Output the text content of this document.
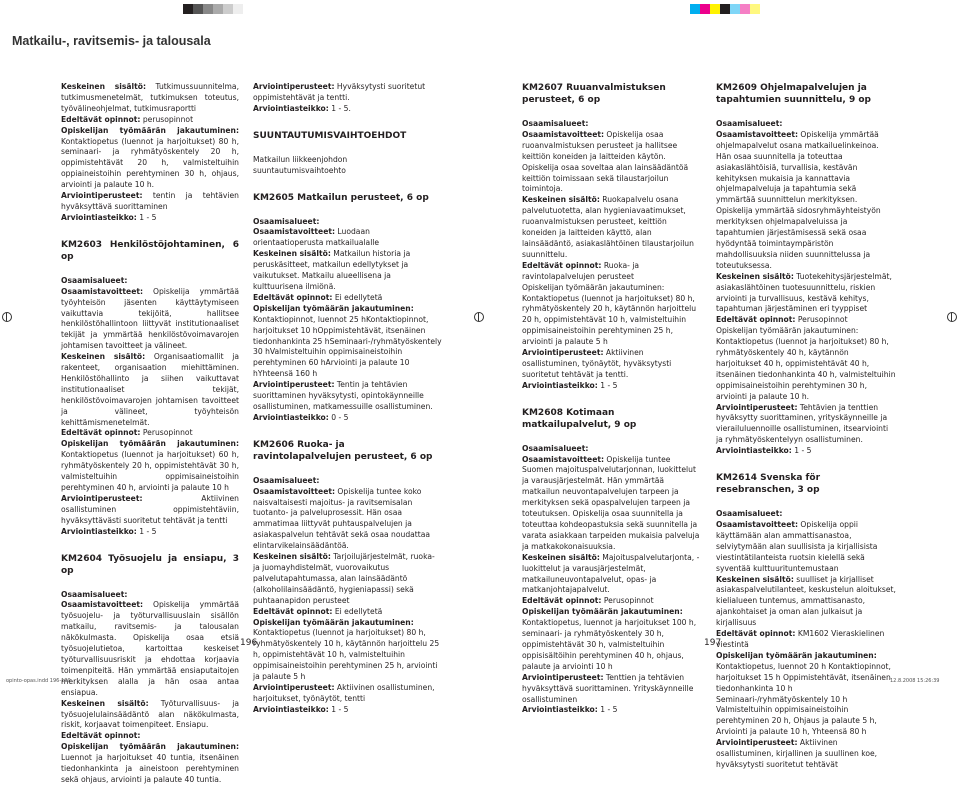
Matkailu-, ravitsemis- ja talousala

Keskeinen sisältö: Tutkimussuunnitelma, tutkimusmenetelmät, tutkimuksen toteutus, työvälineohjelmat, tutkimusraportti

Edeltävät opinnot: perusopinnot

Opiskelijan työmäärän jakautuminen: Kontaktiopetus (luennot ja harjoitukset) 80 h, seminaari- ja ryhmätyöskentely 20 h, oppimistehtävät 20 h, valmisteltuihin oppiaineistoihin perehtyminen 30 h, ohjaus, arviointi ja palaute 10 h.

Arviointiperusteet: tentin ja tehtävien hyväksyttävä suorittaminen

Arviointiasteikko: 1 - 5

KM2603 Henkilöstöjohtaminen, 6 op

Osaamisalueet:

Osaamistavoitteet: Opiskelija ymmärtää työyhteisön jäsenten käyttäytymiseen vaikuttavia tekijöitä, hallitsee henkilöstöhallintoon liittyvät institutionaaliset tekijät ja ymmärtää henkilöstövoimavarojen johtamisen tavoitteet ja välineet.

Keskeinen sisältö: Organisaatiomallit ja rakenteet, organisaation miehittäminen. Henkilöstöhallinto ja siihen vaikuttavat institutionaaliset tekijät, henkilöstövoimavarojen johtamisen tavoitteet ja välineet, työyhteisön kehittämismenetelmät.

Edeltävät opinnot: Perusopinnot

Opiskelijan työmäärän jakautuminen: Kontaktiopetus (luennot ja harjoitukset) 60 h, ryhmätyöskentely 20 h, oppimistehtävät 30 h, valmisteltuihin oppimisaineistoihin perehtyminen 40 h, arviointi ja palaute 10 h

Arviointiperusteet: Aktiivinen osallistuminen oppimistehtäviin, hyväksyttävästi suoritetut tehtävät ja tentti

Arviointiasteikko: 1 - 5

KM2604 Työsuojelu ja ensiapu, 3 op

Osaamisalueet:

Osaamistavoitteet: Opiskelija ymmärtää työsuojelu- ja työturvallisuuslain sisällön matkailu, ravitsemis- ja talousalan näkökulmasta. Opiskelija osaa etsiä työsuojelutietoa, kartoittaa keskeiset työturvallisuusriskit ja ehdottaa korjaavia toimenpiteitä. Hän ymmärtää ensiaputaitojen merkityksen alalla ja hän osaa antaa ensiapua.

Keskeinen sisältö: Työturvallisuus- ja työsuojelulainsäädäntö alan näkökulmasta, riskit, korjaavat toimenpiteet. Ensiapu.

Edeltävät opinnot:

Opiskelijan työmäärän jakautuminen: Luennot ja harjoitukset 40 tuntia, itsenäinen tiedonhankinta ja aineistoon perehtyminen sekä ohjaus, arviointi ja palaute 40 tuntia.

Arviointiperusteet: Hyväksytysti suoritetut oppimistehtävät ja tentti.

Arviointiasteikko: 1 - 5.

SUUNTAUTUMISVAIHTOEHDOT

Matkailun liikkeenjohdon suuntautumisvaihtoehto

KM2605 Matkailun perusteet, 6 op

Osaamisalueet:

Osaamistavoitteet: Luodaan orientaatioperusta matkailualalle

Keskeinen sisältö: Matkailun historia ja peruskäsitteet, matkailun edellytykset ja vaikutukset. Matkailu alueellisena ja kulttuurisena ilmiönä.

Edeltävät opinnot: Ei edellytetä

Opiskelijan työmäärän jakautuminen: Kontaktiopinnot, luennot 25 hKontaktiopinnot, harjoitukset 10 hOppimistehtävät, itsenäinen tiedonhankinta 25 hSeminaari-/ryhmätyöskentely 30 hValmisteltuihin oppimisaineistoihin perehtyminen 60 hArviointi ja palaute 10 hYhteensä 160 h

Arviointiperusteet: Tentin ja tehtävien suorittaminen hyväksytysti, opintokäynneille osallistuminen, matkamessuille osallistuminen.

Arviointiasteikko: 0 - 5

KM2606 Ruoka- ja ravintolapalvelujen perusteet, 6 op

Osaamisalueet:

Osaamistavoitteet: Opiskelija tuntee koko naisvaltaisesti majoitus- ja ravitsemisalan tuotanto- ja palveluprosessit. Hän osaa ammatimaa liittyvät puhtauspalvelujen ja asiakaspalvelun tehtävät sekä osaa noudattaa elintarvikelainsäädäntöä.

Keskeinen sisältö: Tarjoilujärjestelmät, ruoka- ja juomayhdistelmät, vuorovaikutus palvelutapahtumassa, alan lainsäädäntö (alkoholilainsäädäntö, hygieniapassi) sekä puhtaanapidon perusteet

Edeltävät opinnot: Ei edellytetä

Opiskelijan työmäärän jakautuminen: Kontaktiopetus (luennot ja harjoitukset) 80 h, ryhmätyöskentely 10 h, käytännön harjoittelu 25 h, oppimistehtävät 10 h, valmisteltuihin oppimisaineistoihin perehtyminen 25 h, arviointi ja palaute 5 h

Arviointiperusteet: Aktiivinen osallistuminen, harjoitukset, työnäytöt, tentti

Arviointiasteikko: 1 - 5

KM2607 Ruuanvalmistuksen perusteet, 6 op

Osaamisalueet:

Osaamistavoitteet: Opiskelija osaa ruoanvalmistuksen perusteet ja hallitsee keittiön koneiden ja laitteiden käytön. Opiskelija osaa soveltaa alan lainsäädäntöä keittiön toimissaan sekä tilaustarjoilun toimintoja.

Keskeinen sisältö: Ruokapalvelu osana palvelutuotetta, alan hygieniavaatimukset, ruoanvalmistuksen perusteet, keittiön koneiden ja laitteiden käyttö, alan lainsäädäntö, asiakaslähtöinen tilaustarjoilun suunnittelu.

Edeltävät opinnot: Ruoka- ja ravintolapalvelujen perusteet

Opiskelijan työmäärän jakautuminen: Kontaktiopetus (luennot ja harjoitukset) 80 h, ryhmätyöskentely 20 h, käytännön harjoittelu 20 h, oppimistehtävät 10 h, valmisteltuihin oppimisaineistoihin perehtyminen 25 h, arviointi ja palaute 5 h

Arviointiperusteet: Aktiivinen osallistuminen, työnäytöt, hyväksytysti suoritetut tehtävät ja tentti.

Arviointiasteikko: 1 - 5

KM2608 Kotimaan matkailupalvelut, 9 op

Osaamisalueet:

Osaamistavoitteet: Opiskelija tuntee Suomen majoituspalvelutarjonnan, luokittelut ja varausjärjestelmät. Hän ymmärtää matkailun neuvontapalvelujen tarpeen ja merkityksen sekä opaspalvelujen tarpeen ja toteutuksen. Opiskelija osaa suunnitella ja toteuttaa kohdeopastuksia sekä suunnitella ja varata asiakkaan tarpeiden mukaisia palveluja ja matkakokonaisuuksia.

Keskeinen sisältö: Majoituspalvelutarjonta, -luokittelut ja varausjärjestelmät, matkailuneuvontapalvelut, opas- ja matkanjohtajapalvelut.

Edeltävät opinnot: Perusopinnot

Opiskelijan työmäärän jakautuminen: Kontaktiopetus, luennot ja harjoitukset 100 h, seminaari- ja ryhmätyöskentely 30 h, oppimistehtävät 30 h, valmisteltuihin oppisisältöihin perehtyminen 40 h, ohjaus, palaute ja arviointi 10 h

Arviointiperusteet: Tenttien ja tehtävien hyväksyttävä suorittaminen. Yrityskäynneille osallistuminen

Arviointiasteikko: 1 - 5

KM2609 Ohjelmapalvelujen ja tapahtumien suunnittelu, 9 op

Osaamisalueet:

Osaamistavoitteet: Opiskelija ymmärtää ohjelmapalvelut osana matkailuelinkeinoa. Hän osaa suunnitella ja toteuttaa asiakaslähtöisiä, turvallisia, kestävän kehityksen mukaisia ja kannattavia ohjelmapalveluja ja tapahtumia sekä ymmärtää suunnittelun merkityksen. Opiskelija ymmärtää sidosryhmäyhteistyön merkityksen ohjelmapalveluissa ja tapahtumien järjestämisessä sekä osaa hyödyntää toimintaympäristön mahdollisuuksia niiden suunnittelussa ja toteutuksessa.

Keskeinen sisältö: Tuotekehitysjärjestelmät, asiakaslähtöinen tuotesuunnittelu, riskien arviointi ja turvallisuus, kestävä kehitys, tapahtuman järjestäminen eri tyyppiset

Edeltävät opinnot: Perusopinnot

Opiskelijan työmäärän jakautuminen: Kontaktiopetus (luennot ja harjoitukset) 80 h, ryhmätyöskentely 40 h, käytännön harjoitukset 40 h, oppimistehtävät 40 h, itsenäinen tiedonhankinta 40 h, valmisteltuihin oppimisaineistoihin perehtyminen 30 h, arviointi ja palaute 10 h.

Arviointiperusteet: Tehtävien ja tenttien hyväksytty suorittaminen, yrityskäynneille ja vierailuluennoille osallistuminen, itsearviointi ja ryhmätyöskentelyyn osallistuminen.

Arviointiasteikko: 1 - 5

KM2614 Svenska för resebranschen, 3 op

Osaamisalueet:

Osaamistavoitteet: Opiskelija oppii käyttämään alan ammattisanastoa, selviytymään alan suullisista ja kirjallisista viestintätilanteista ruotsin kielellä sekä syventää kulttuurituntemustaan

Keskeinen sisältö: suulliset ja kirjalliset asiakaspalvelutilanteet, keskustelun aloitukset, kielialueen tuntemus, ammattisanasto, ajankohtaiset ja oman alan julkaisut ja kirjallisuus

Edeltävät opinnot: KM1602 Vieraskielinen viestintä

Opiskelijan työmäärän jakautuminen: Kontaktiopetus, luennot 20 h Kontaktiopinnot, harjoitukset 15 h Oppimistehtävät, itsenäinen tiedonhankinta 10 h Seminaari-/ryhmätyöskentely 10 h Valmisteltuihin oppimisaineistoihin perehtyminen 20 h, Ohjaus ja palaute 5 h, Arviointi ja palaute 10 h, Yhteensä 80 h

Arviointiperusteet: Aktiivinen osallistuminen, kirjallinen ja suullinen koe, hyväksytysti suoritetut tehtävät

196	197
opinto-opas.indd 196-199	12.8.2008 15:26:39
